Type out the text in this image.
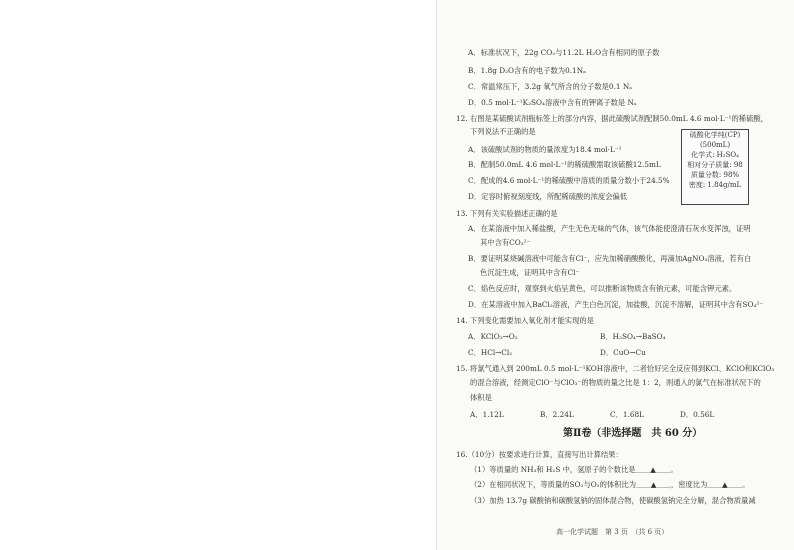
A．标准状况下，22g CO₂与11.2L H₂O含有相同的原子数
B．1.8g D₂O含有的电子数为0.1Nₐ
C．常温常压下，3.2g 氧气所含的分子数是0.1 Nₐ
D．0.5 mol·L⁻¹K₂SO₄溶液中含有的钾离子数是 Nₐ
12. 右图是某硫酸试剂瓶标签上的部分内容，据此硫酸试剂配制50.0mL 4.6 mol·L⁻¹的稀硫酸，
下列说法不正确的是
A．该硫酸试剂的物质的量浓度为18.4 mol·L⁻¹
B．配制50.0mL 4.6 mol·L⁻¹的稀硫酸需取该硫酸12.5mL
C．配成的4.6 mol·L⁻¹的稀硫酸中溶质的质量分数小于24.5%
D．定容时俯视刻度线，所配稀硫酸的浓度会偏低
硫酸化学纯(CP)
(500mL)
化学式: H₂SO₄
相对分子质量: 98
质量分数: 98%
密度: 1.84g/mL
13. 下列有关实验描述正确的是
A．在某溶液中加入稀盐酸，产生无色无味的气体，该气体能使澄清石灰水变浑浊，证明
其中含有CO₃²⁻
B．要证明某烧碱溶液中可能含有Cl⁻，应先加稀硝酸酸化，再滴加AgNO₃溶液，若有白
色沉淀生成，证明其中含有Cl⁻
C．焰色反应时，观察到火焰呈黄色，可以推断该物质含有钠元素，可能含钾元素。
D．在某溶液中加入BaCl₂溶液，产生白色沉淀，加盐酸，沉淀不溶解，证明其中含有SO₄²⁻
14. 下列变化需要加入氧化剂才能实现的是
A．KClO₃→O₂	B．H₂SO₄→BaSO₄
C．HCl→Cl₂	D．CuO→Cu
15. 将氯气通入到 200mL 0.5 mol·L⁻¹KOH溶液中，二者恰好完全反应得到KCl、KClO和KClO₃
的混合溶液，经测定ClO⁻与ClO₃⁻的物质的量之比是 1：2，则通入的氯气在标准状况下的
体积是
A．1.12L	B．2.24L	C．1.68L	D．0.56L
第Ⅱ卷（非选择题　共 60 分）
16.（10分）按要求进行计算，直接写出计算结果：
（1）等质量的 NH₃和 H₂S 中，氢原子的个数比是＿＿▲＿＿。
（2）在相同状况下，等质量的SO₂与O₂的体积比为＿＿▲＿＿，密度比为＿＿▲＿＿。
（3）加热 13.7g 碳酸钠和碳酸氢钠的固体混合物，使碳酸氢钠完全分解，混合物质量减
高一化学试题　第 3 页　（共 6 页）
